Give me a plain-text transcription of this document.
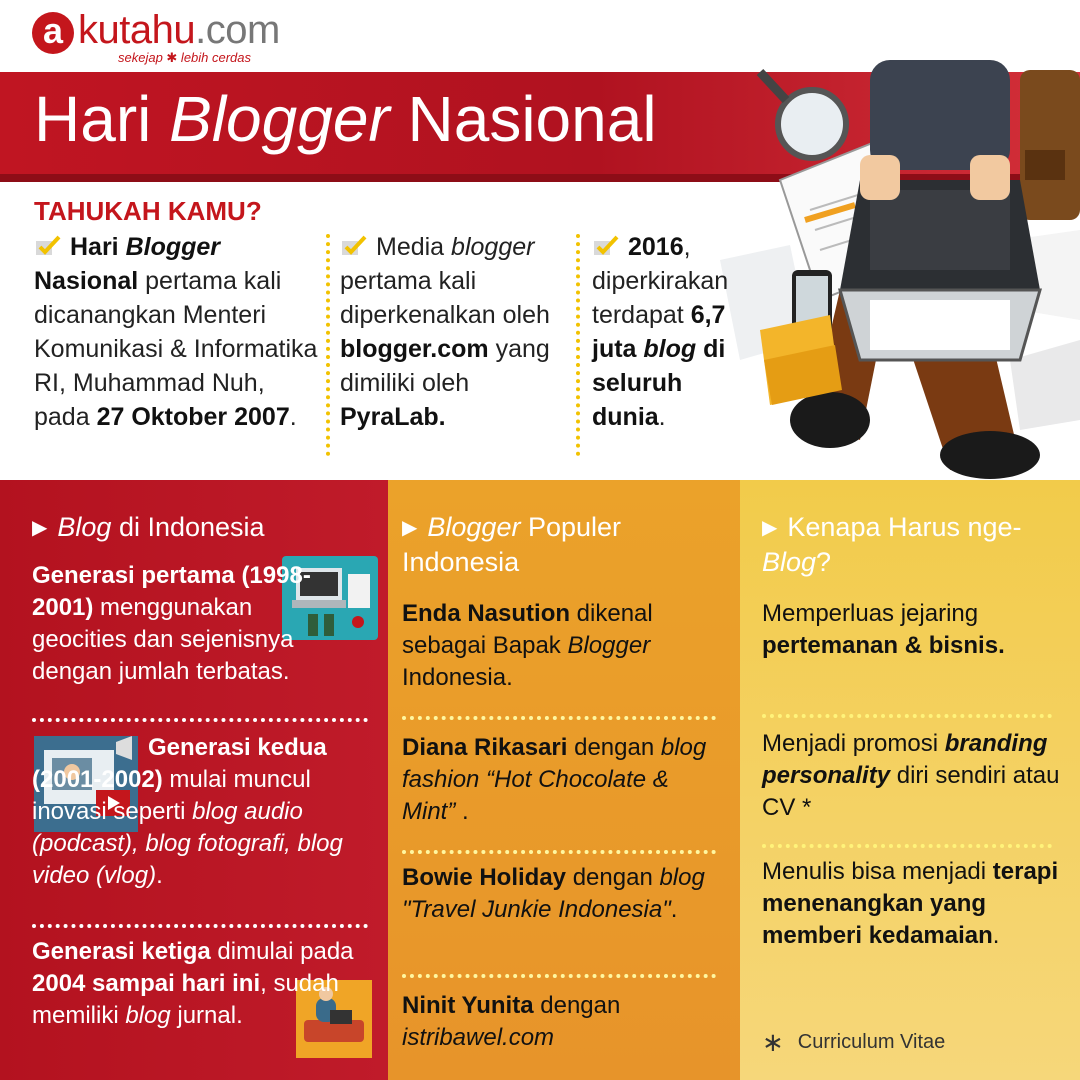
a kutahu.com
sekejap ✱ lebih cerdas
Hari Blogger Nasional
TAHUKAH KAMU?
Hari Blogger Nasional pertama kali dicanangkan Menteri Komunikasi & Informatika RI, Muhammad Nuh, pada 27 Oktober 2007.
Media blogger pertama kali diperkenalkan oleh blogger.com yang dimiliki oleh PyraLab.
2016, diperkirakan terdapat 6,7 juta blog di seluruh dunia.
▶ Blog di Indonesia
Generasi pertama (1998-2001) menggunakan geocities dan sejenisnya dengan jumlah terbatas.
Generasi kedua (2001-2002) mulai muncul inovasi seperti blog audio (podcast), blog fotografi, blog video (vlog).
Generasi ketiga dimulai pada 2004 sampai hari ini, sudah memiliki blog jurnal.
▶ Blogger Populer Indonesia
Enda Nasution dikenal sebagai Bapak Blogger Indonesia.
Diana Rikasari dengan blog fashion “Hot Chocolate & Mint” .
Bowie Holiday dengan blog "Travel Junkie Indonesia".
Ninit Yunita dengan istribawel.com
▶ Kenapa Harus nge-Blog?
Memperluas jejaring pertemanan & bisnis.
Menjadi promosi branding personality diri sendiri atau CV *
Menulis bisa menjadi terapi menenangkan yang memberi kedamaian.
∗ Curriculum Vitae
